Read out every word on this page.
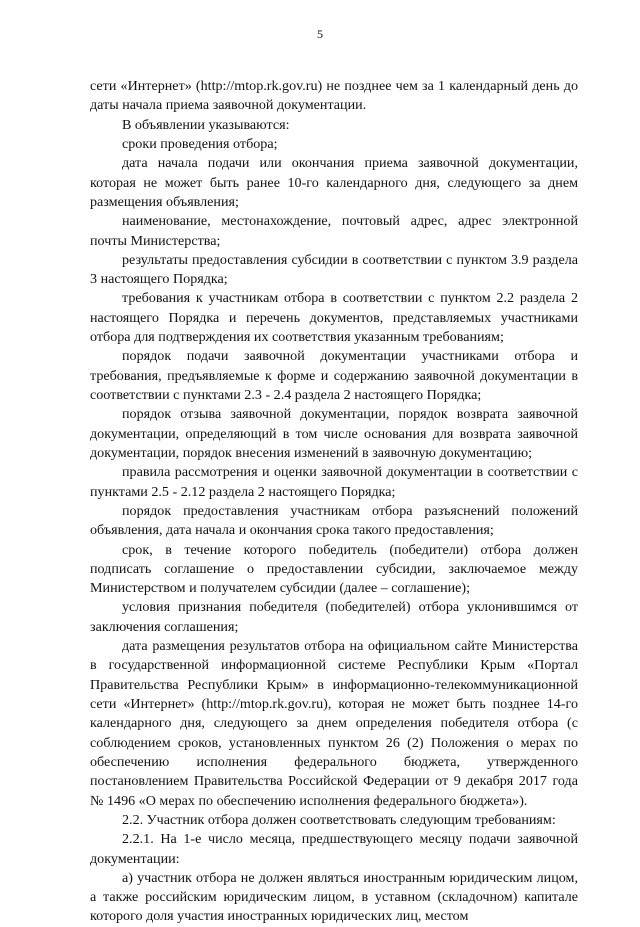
5

сети «Интернет» (http://mtop.rk.gov.ru) не позднее чем за 1 календарный день до даты начала приема заявочной документации.

В объявлении указываются:

сроки проведения отбора;

дата начала подачи или окончания приема заявочной документации, которая не может быть ранее 10-го календарного дня, следующего за днем размещения объявления;

наименование, местонахождение, почтовый адрес, адрес электронной почты Министерства;

результаты предоставления субсидии в соответствии с пунктом 3.9 раздела 3 настоящего Порядка;

требования к участникам отбора в соответствии с пунктом 2.2 раздела 2 настоящего Порядка и перечень документов, представляемых участниками отбора для подтверждения их соответствия указанным требованиям;

порядок подачи заявочной документации участниками отбора и требования, предъявляемые к форме и содержанию заявочной документации в соответствии с пунктами 2.3 - 2.4 раздела 2 настоящего Порядка;

порядок отзыва заявочной документации, порядок возврата заявочной документации, определяющий в том числе основания для возврата заявочной документации, порядок внесения изменений в заявочную документацию;

правила рассмотрения и оценки заявочной документации в соответствии с пунктами 2.5 - 2.12 раздела 2 настоящего Порядка;

порядок предоставления участникам отбора разъяснений положений объявления, дата начала и окончания срока такого предоставления;

срок, в течение которого победитель (победители) отбора должен подписать соглашение о предоставлении субсидии, заключаемое между Министерством и получателем субсидии (далее – соглашение);

условия признания победителя (победителей) отбора уклонившимся от заключения соглашения;

дата размещения результатов отбора на официальном сайте Министерства в государственной информационной системе Республики Крым «Портал Правительства Республики Крым» в информационно-телекоммуникационной сети «Интернет» (http://mtop.rk.gov.ru), которая не может быть позднее 14-го календарного дня, следующего за днем определения победителя отбора (с соблюдением сроков, установленных пунктом 26 (2) Положения о мерах по обеспечению исполнения федерального бюджета, утвержденного постановлением Правительства Российской Федерации от 9 декабря 2017 года № 1496 «О мерах по обеспечению исполнения федерального бюджета»).

2.2. Участник отбора должен соответствовать следующим требованиям:

2.2.1. На 1-е число месяца, предшествующего месяцу подачи заявочной документации:

а) участник отбора не должен являться иностранным юридическим лицом, а также российским юридическим лицом, в уставном (складочном) капитале которого доля участия иностранных юридических лиц, местом
